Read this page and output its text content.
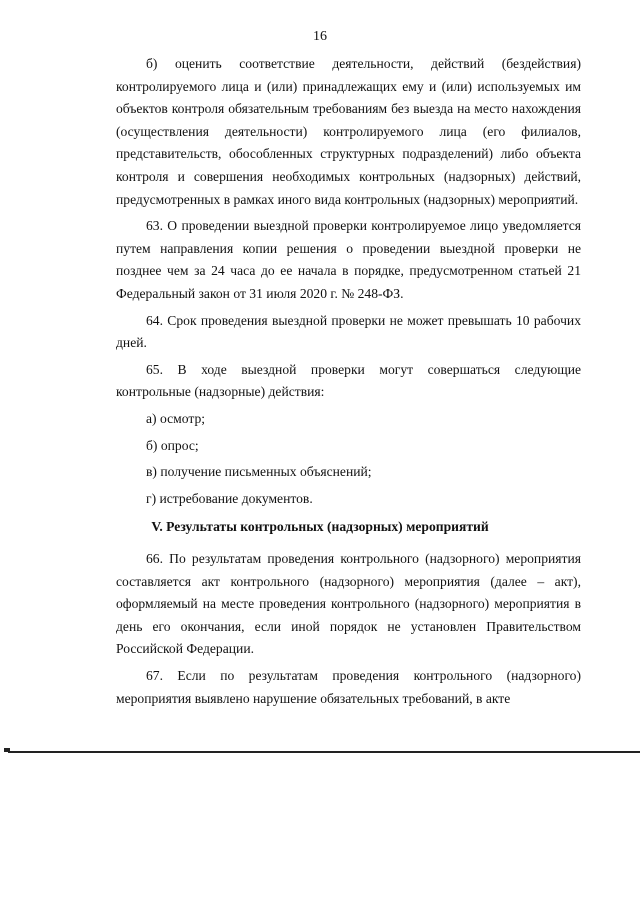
16

б) оценить соответствие деятельности, действий (бездействия) контролируемого лица и (или) принадлежащих ему и (или) используемых им объектов контроля обязательным требованиям без выезда на место нахождения (осуществления деятельности) контролируемого лица (его филиалов, представительств, обособленных структурных подразделений) либо объекта контроля и совершения необходимых контрольных (надзорных) действий, предусмотренных в рамках иного вида контрольных (надзорных) мероприятий.

63. О проведении выездной проверки контролируемое лицо уведомляется путем направления копии решения о проведении выездной проверки не позднее чем за 24 часа до ее начала в порядке, предусмотренном статьей 21 Федеральный закон от 31 июля 2020 г. № 248-ФЗ.

64. Срок проведения выездной проверки не может превышать 10 рабочих дней.

65. В ходе выездной проверки могут совершаться следующие контрольные (надзорные) действия:

а) осмотр;

б) опрос;

в) получение письменных объяснений;

г) истребование документов.

V. Результаты контрольных (надзорных) мероприятий

66. По результатам проведения контрольного (надзорного) мероприятия составляется акт контрольного (надзорного) мероприятия (далее – акт), оформляемый на месте проведения контрольного (надзорного) мероприятия в день его окончания, если иной порядок не установлен Правительством Российской Федерации.

67. Если по результатам проведения контрольного (надзорного) мероприятия выявлено нарушение обязательных требований, в акте
